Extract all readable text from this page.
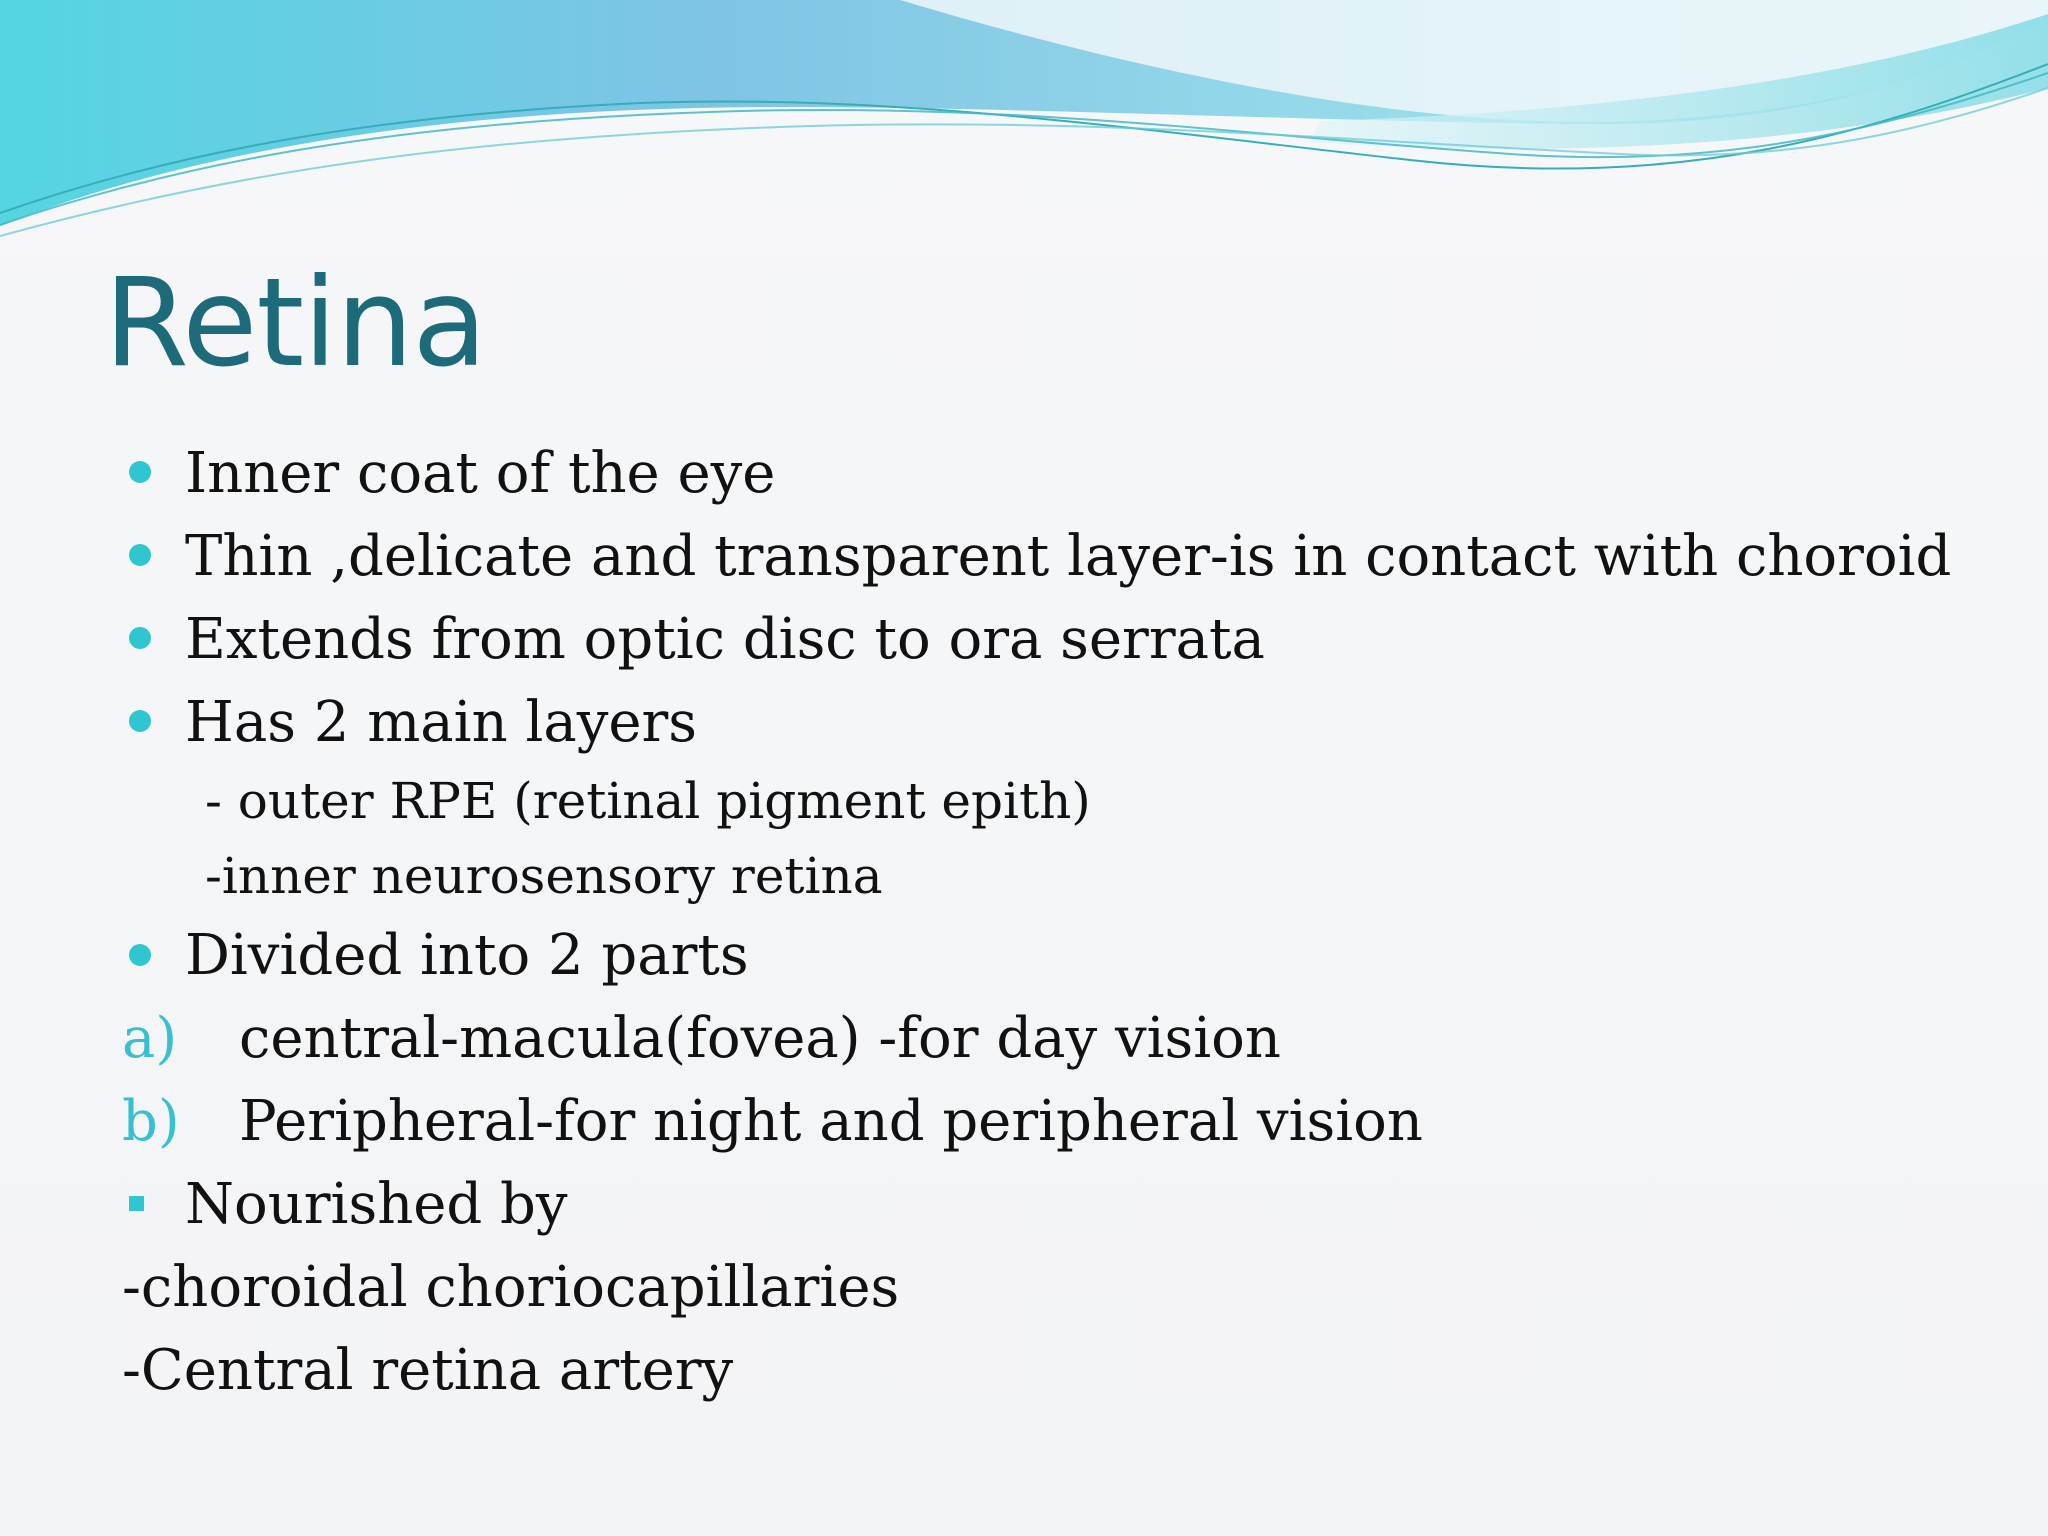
Retina
Inner coat of the eye
Thin ,delicate and transparent layer-is in contact with choroid
Extends from optic disc to ora serrata
Has 2 main layers
- outer RPE (retinal pigment epith)
-inner neurosensory retina
Divided into 2 parts
a) central-macula(fovea) -for day vision
b) Peripheral-for night and peripheral vision
Nourished by
-choroidal choriocapillaries
-Central retina artery
